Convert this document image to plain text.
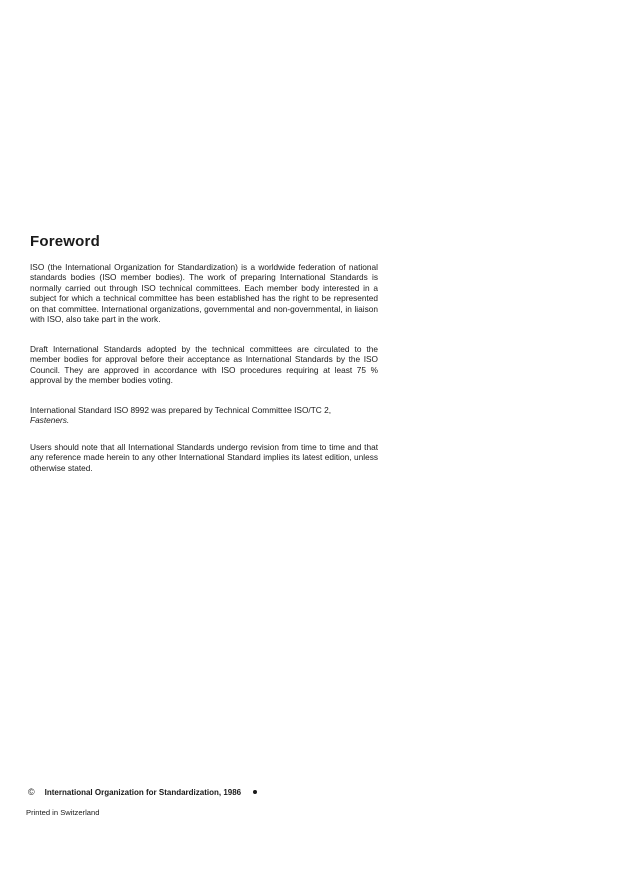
Foreword

ISO (the International Organization for Standardization) is a worldwide federation of national standards bodies (ISO member bodies). The work of preparing International Standards is normally carried out through ISO technical committees. Each member body interested in a subject for which a technical committee has been established has the right to be represented on that committee. International organizations, governmental and non-governmental, in liaison with ISO, also take part in the work.

Draft International Standards adopted by the technical committees are circulated to the member bodies for approval before their acceptance as International Standards by the ISO Council. They are approved in accordance with ISO procedures requiring at least 75 % approval by the member bodies voting.

International Standard ISO 8992 was prepared by Technical Committee ISO/TC 2,
Fasteners.

Users should note that all International Standards undergo revision from time to time and that any reference made herein to any other International Standard implies its latest edition, unless otherwise stated.

© International Organization for Standardization, 1986
Printed in Switzerland
